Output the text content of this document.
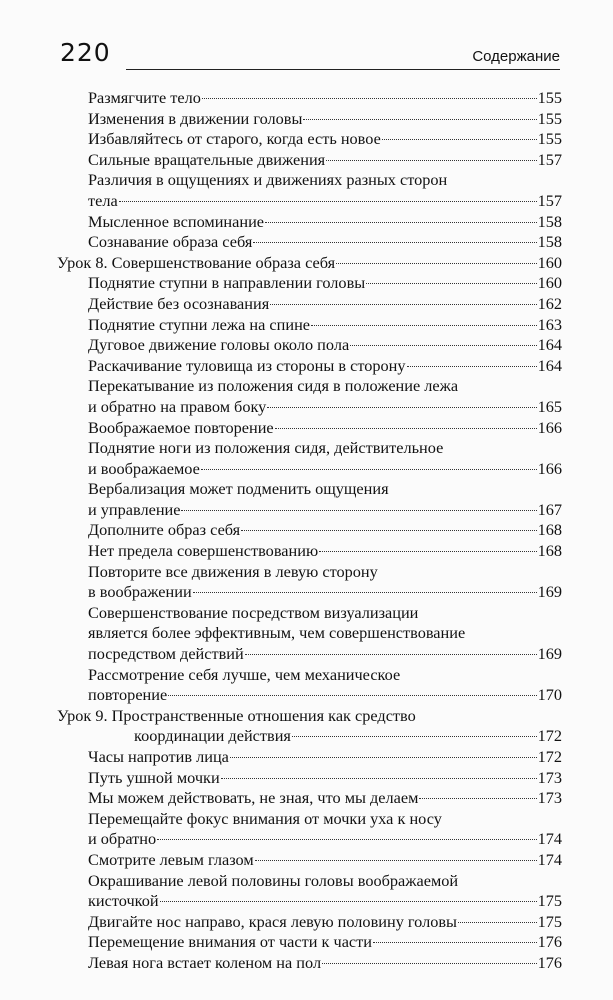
220	Содержание
Размягчите тело	155
Изменения в движении головы	155
Избавляйтесь от старого, когда есть новое	155
Сильные вращательные движения	157
Различия в ощущениях и движениях разных сторон
тела	157
Мысленное вспоминание	158
Сознавание образа себя	158
Урок 8. Совершенствование образа себя	160
Поднятие ступни в направлении головы	160
Действие без осознавания	162
Поднятие ступни лежа на спине	163
Дуговое движение головы около пола	164
Раскачивание туловища из стороны в сторону	164
Перекатывание из положения сидя в положение лежа
и обратно на правом боку	165
Воображаемое повторение	166
Поднятие ноги из положения сидя, действительное
и воображаемое	166
Вербализация может подменить ощущения
и управление	167
Дополните образ себя	168
Нет предела совершенствованию	168
Повторите все движения в левую сторону
в воображении	169
Совершенствование посредством визуализации
является более эффективным, чем совершенствование
посредством действий	169
Рассмотрение себя лучше, чем механическое
повторение	170
Урок 9. Пространственные отношения как средство
координации действия	172
Часы напротив лица	172
Путь ушной мочки	173
Мы можем действовать, не зная, что мы делаем	173
Перемещайте фокус внимания от мочки уха к носу
и обратно	174
Смотрите левым глазом	174
Окрашивание левой половины головы воображаемой
кисточкой	175
Двигайте нос направо, крася левую половину головы	175
Перемещение внимания от части к части	176
Левая нога встает коленом на пол	176
